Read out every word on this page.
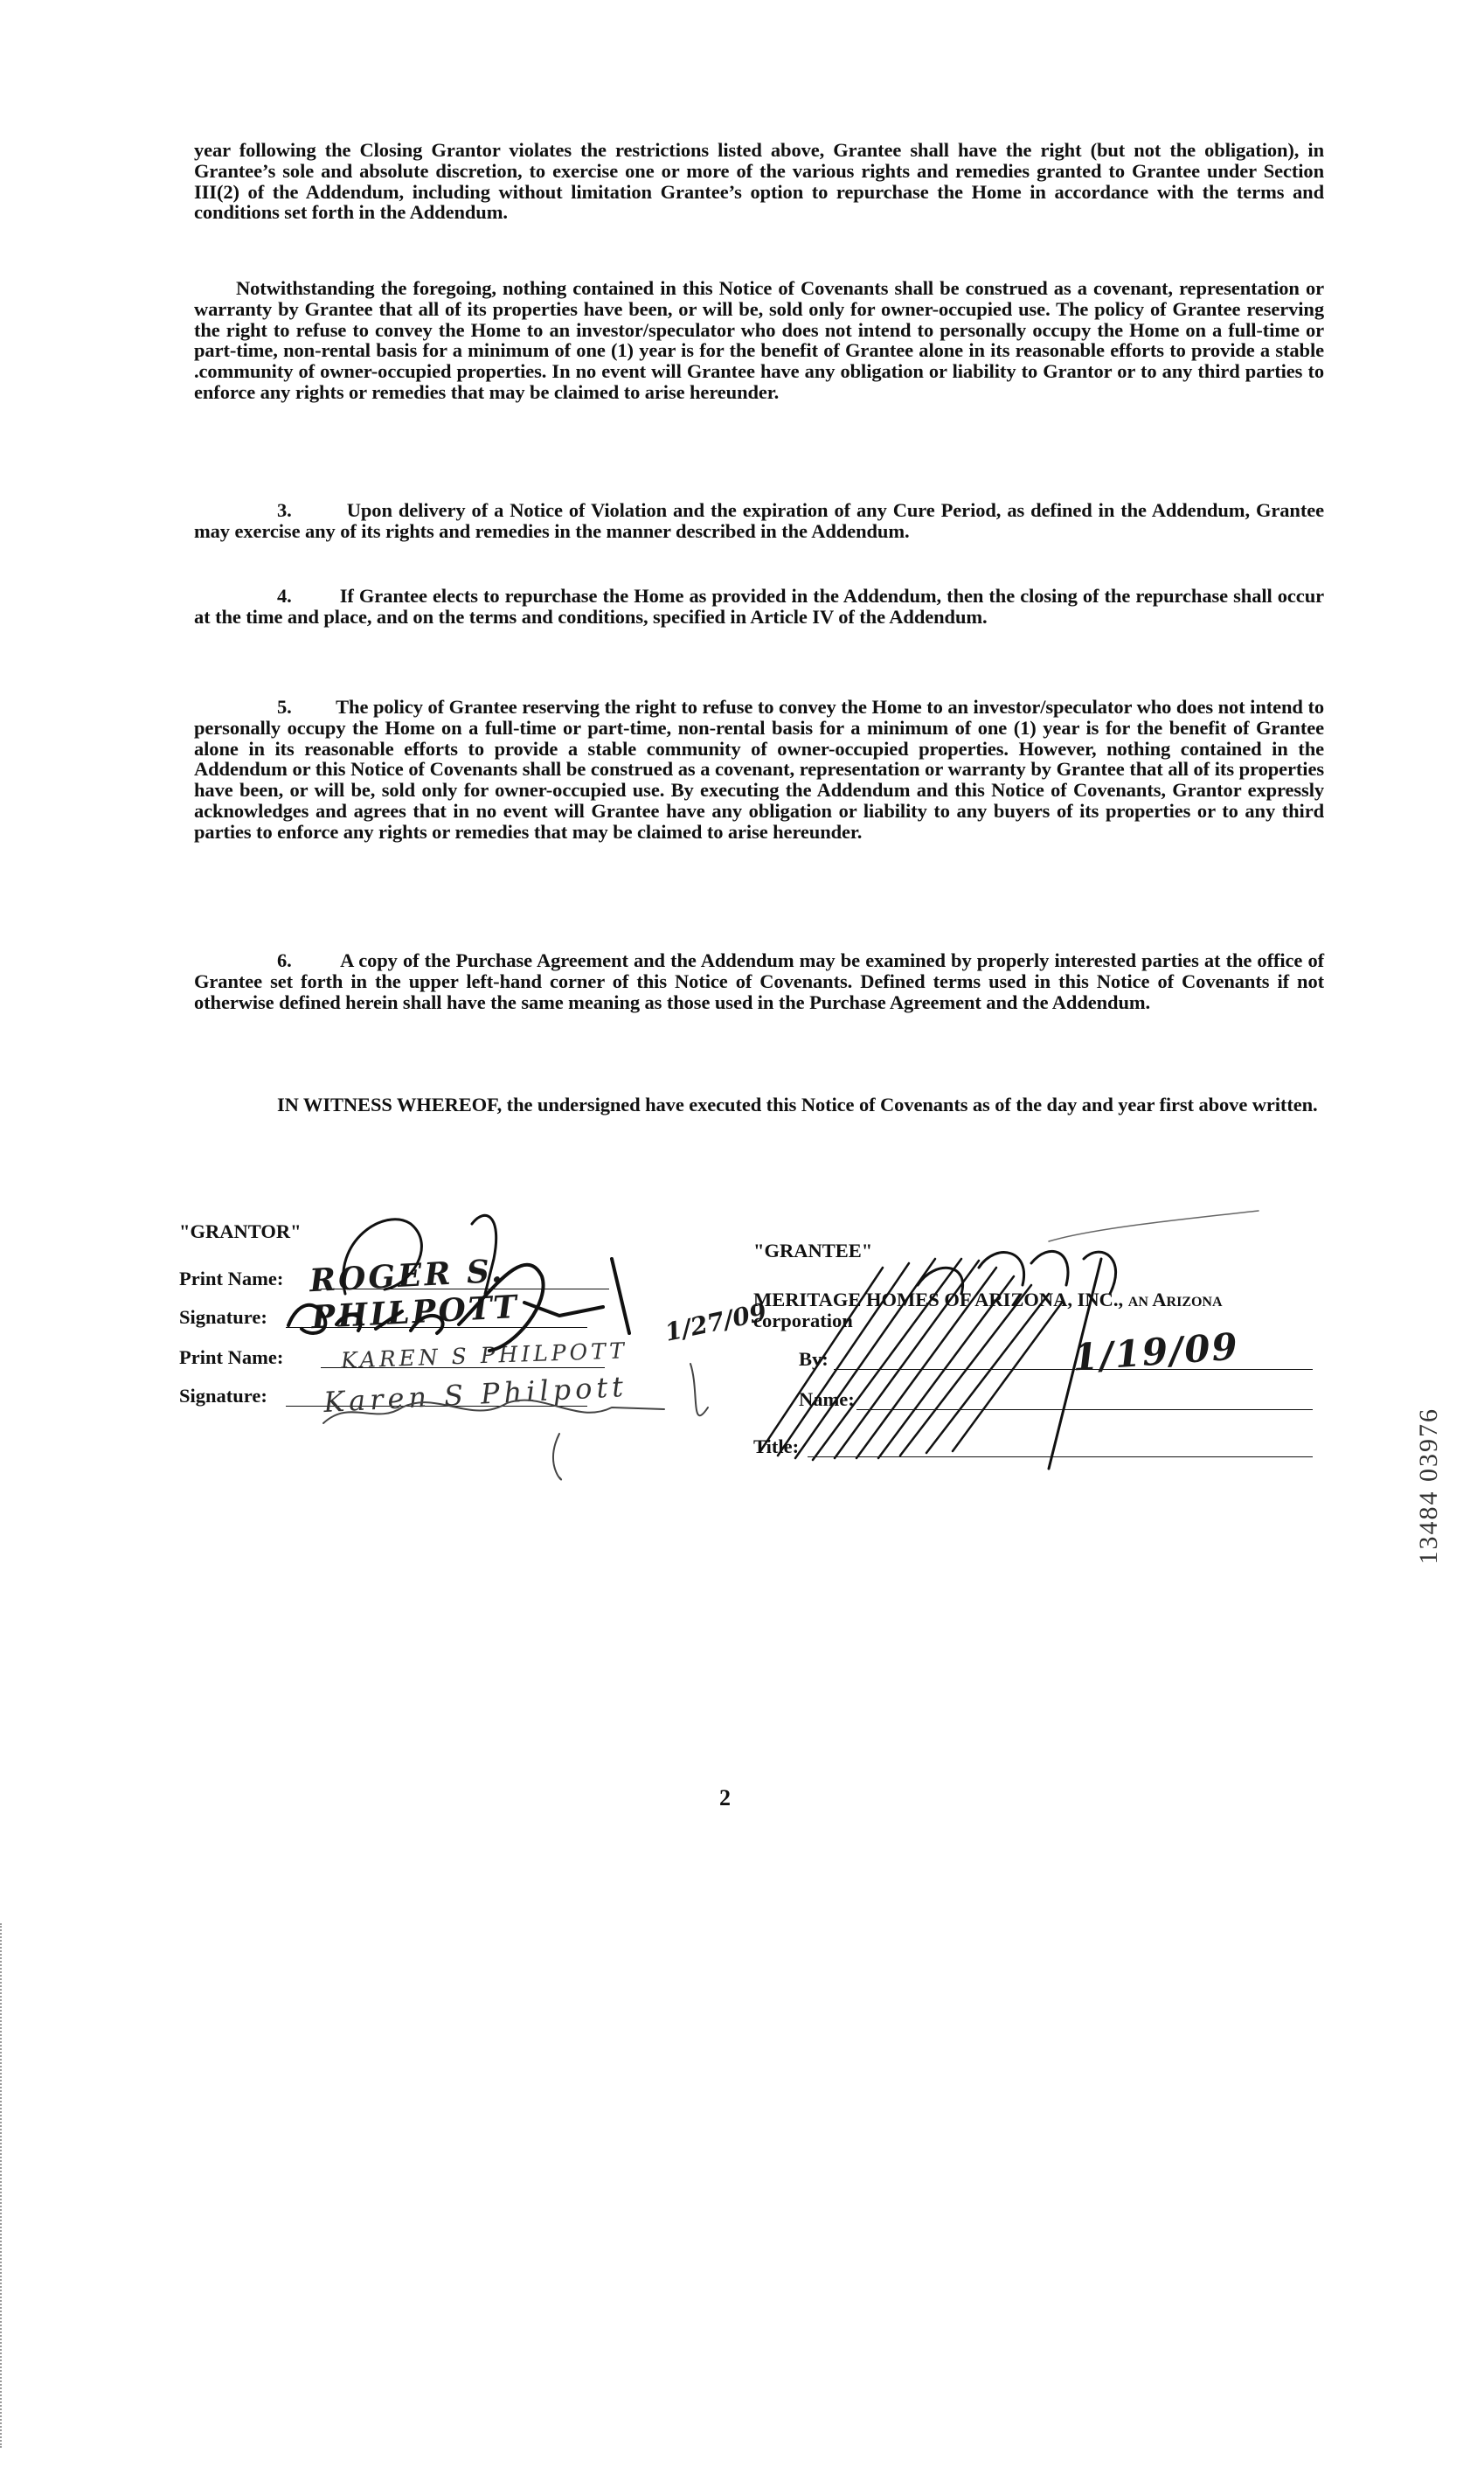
year following the Closing Grantor violates the restrictions listed above, Grantee shall have the right (but not the obligation), in Grantee’s sole and absolute discretion, to exercise one or more of the various rights and remedies granted to Grantee under Section III(2) of the Addendum, including without limitation Grantee’s option to repurchase the Home in accordance with the terms and conditions set forth in the Addendum.
Notwithstanding the foregoing, nothing contained in this Notice of Covenants shall be construed as a covenant, representation or warranty by Grantee that all of its properties have been, or will be, sold only for owner-occupied use. The policy of Grantee reserving the right to refuse to convey the Home to an investor/speculator who does not intend to personally occupy the Home on a full-time or part-time, non-rental basis for a minimum of one (1) year is for the benefit of Grantee alone in its reasonable efforts to provide a stable .community of owner-occupied properties. In no event will Grantee have any obligation or liability to Grantor or to any third parties to enforce any rights or remedies that may be claimed to arise hereunder.
3.	Upon delivery of a Notice of Violation and the expiration of any Cure Period, as defined in the Addendum, Grantee may exercise any of its rights and remedies in the manner described in the Addendum.
4. If Grantee elects to repurchase the Home as provided in the Addendum, then the closing of the repurchase shall occur at the time and place, and on the terms and conditions, specified in Article IV of the Addendum.
5. The policy of Grantee reserving the right to refuse to convey the Home to an investor/speculator who does not intend to personally occupy the Home on a full-time or part-time, non-rental basis for a minimum of one (1) year is for the benefit of Grantee alone in its reasonable efforts to provide a stable community of owner-occupied properties. However, nothing contained in the Addendum or this Notice of Covenants shall be construed as a covenant, representation or warranty by Grantee that all of its properties have been, or will be, sold only for owner-occupied use. By executing the Addendum and this Notice of Covenants, Grantor expressly acknowledges and agrees that in no event will Grantee have any obligation or liability to any buyers of its properties or to any third parties to enforce any rights or remedies that may be claimed to arise hereunder.
6. A copy of the Purchase Agreement and the Addendum may be examined by properly interested parties at the office of Grantee set forth in the upper left-hand corner of this Notice of Covenants. Defined terms used in this Notice of Covenants if not otherwise defined herein shall have the same meaning as those used in the Purchase Agreement and the Addendum.
IN WITNESS WHEREOF, the undersigned have executed this Notice of Covenants as of the day and year first above written.
"GRANTOR"
Print Name: ROGER S. PHILPOTT
Signature:	1/27/09
Print Name:	KAREN S PHILPOTT
Signature: Karen S Philpott
"GRANTEE"
MERITAGE HOMES OF ARIZONA, INC., an Arizona
corporation
By:	1/19/09
Name:
Title:
2
13484 03976
